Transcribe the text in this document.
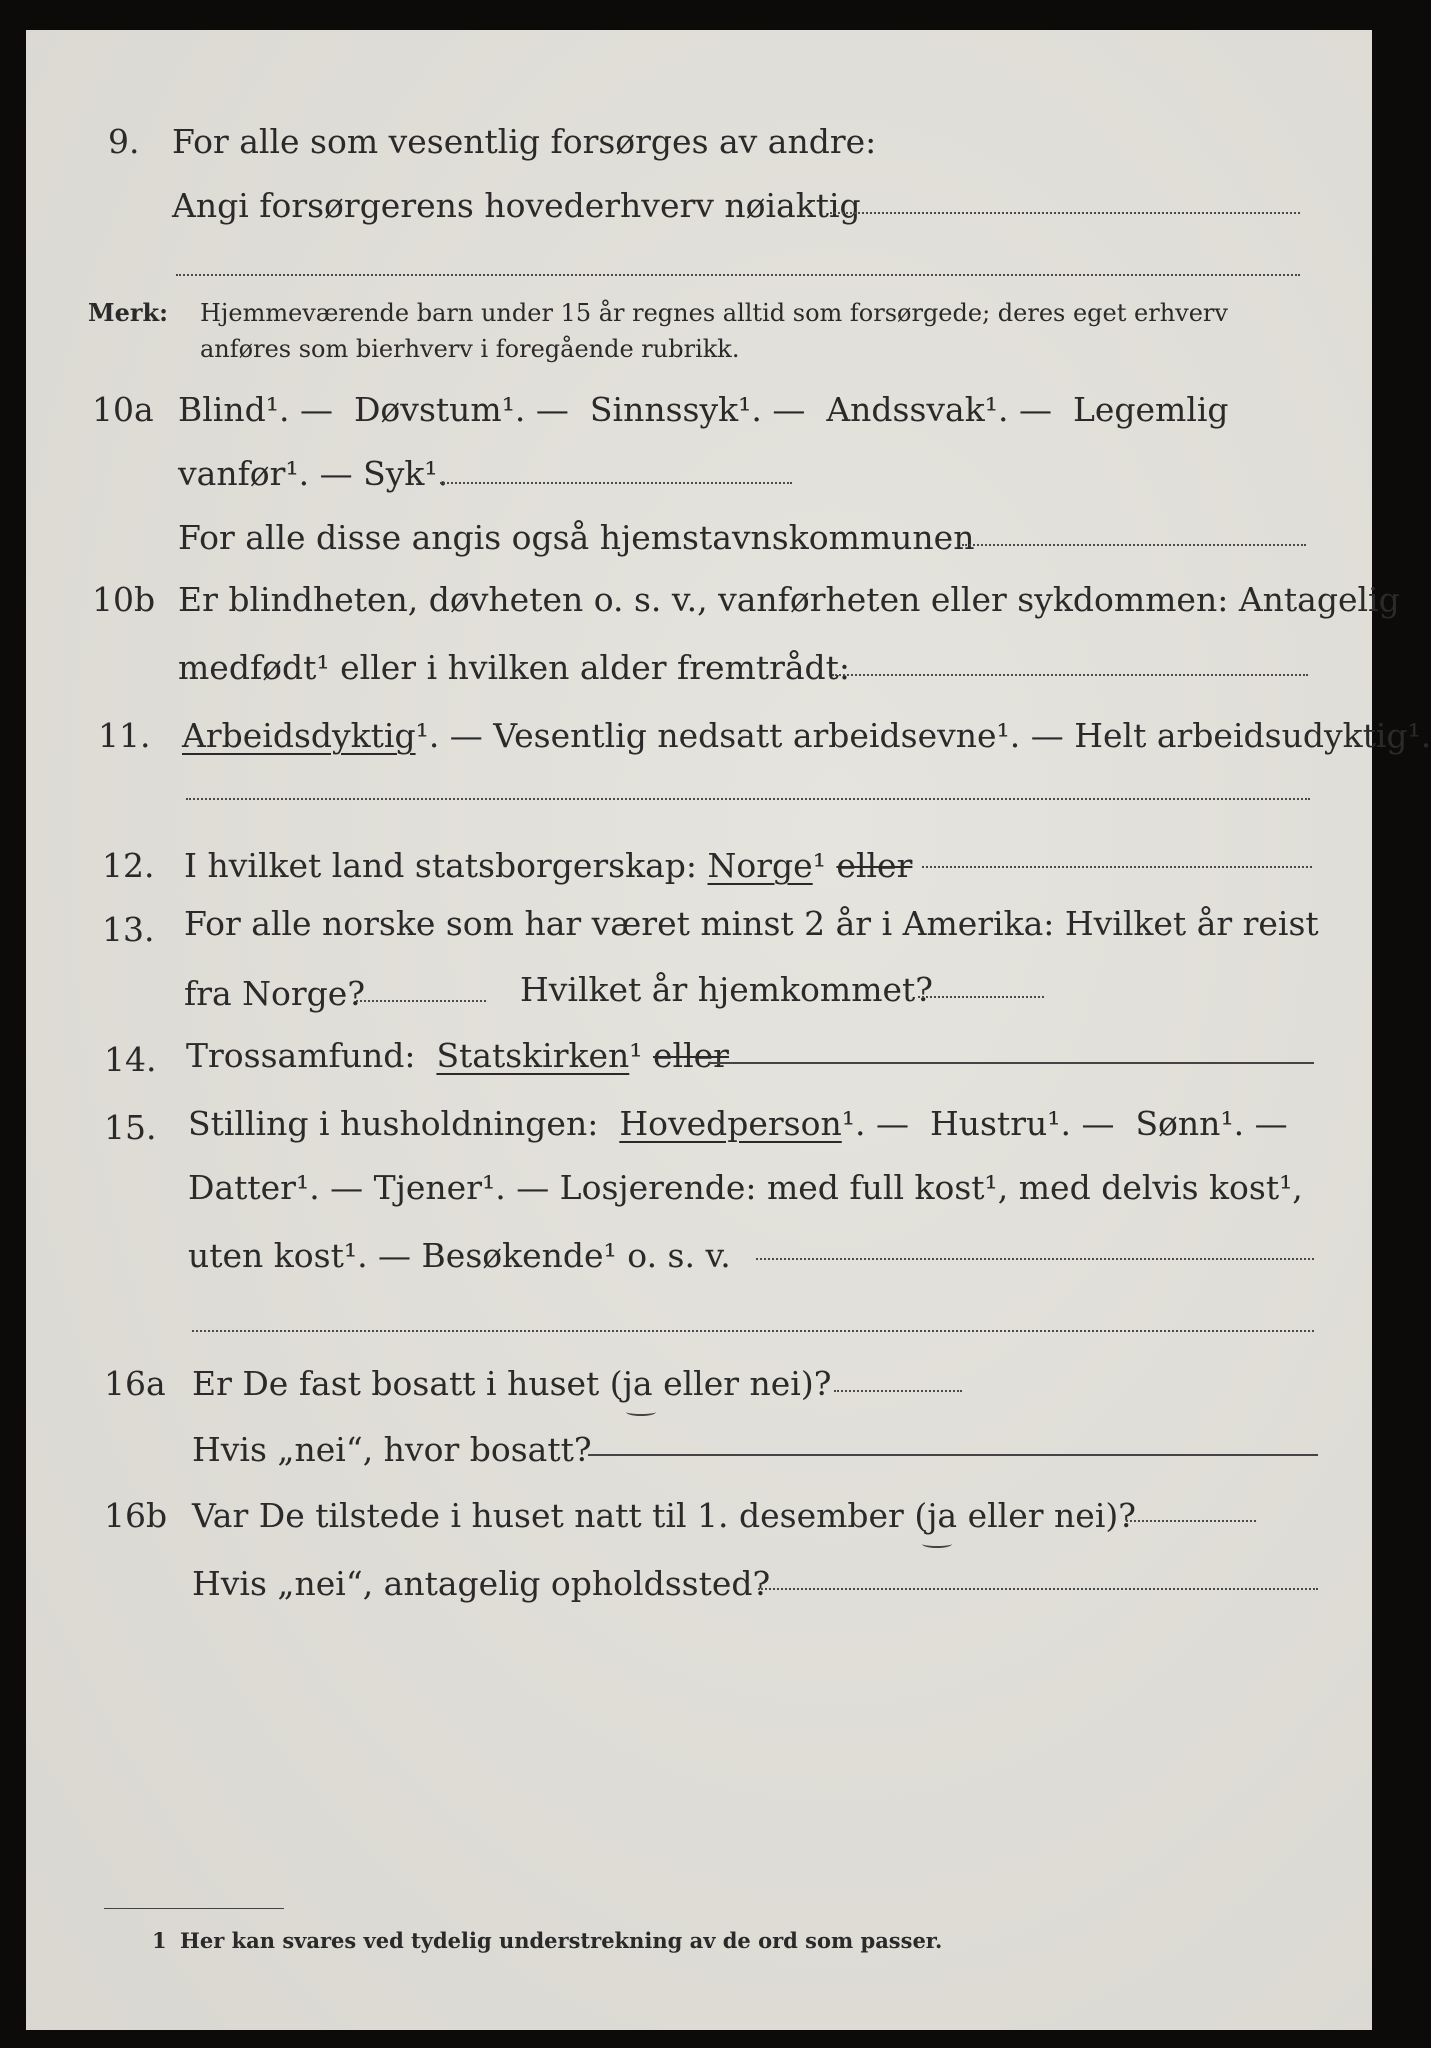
9. For alle som vesentlig forsørges av andre:
Angi forsørgerens hovederhverv nøiaktig
Merk: Hjemmeværende barn under 15 år regnes alltid som forsørgede; deres eget erhverv
anføres som bierhverv i foregående rubrikk.
10a Blind¹. —  Døvstum¹. —  Sinnssyk¹. —  Andssvak¹. —  Legemlig
vanfør¹. — Syk¹.
For alle disse angis også hjemstavnskommunen
10b Er blindheten, døvheten o. s. v., vanførheten eller sykdommen: Antagelig
medfødt¹ eller i hvilken alder fremtrådt:
11. Arbeidsdyktig¹. — Vesentlig nedsatt arbeidsevne¹. — Helt arbeidsudyktig¹.
12. I hvilket land statsborgerskap: Norge¹ eller
13. For alle norske som har været minst 2 år i Amerika: Hvilket år reist
fra Norge?	Hvilket år hjemkommet?
14. Trossamfund: Statskirken¹ eller
15. Stilling i husholdningen: Hovedperson¹. —  Hustru¹. —  Sønn¹. —
Datter¹. — Tjener¹. — Losjerende: med full kost¹, med delvis kost¹,
uten kost¹. — Besøkende¹ o. s. v.
16a Er De fast bosatt i huset (ja eller nei)?
Hvis „nei“, hvor bosatt?
16b Var De tilstede i huset natt til 1. desember (ja eller nei)?
Hvis „nei“, antagelig opholdssted?
1 Her kan svares ved tydelig understrekning av de ord som passer.
